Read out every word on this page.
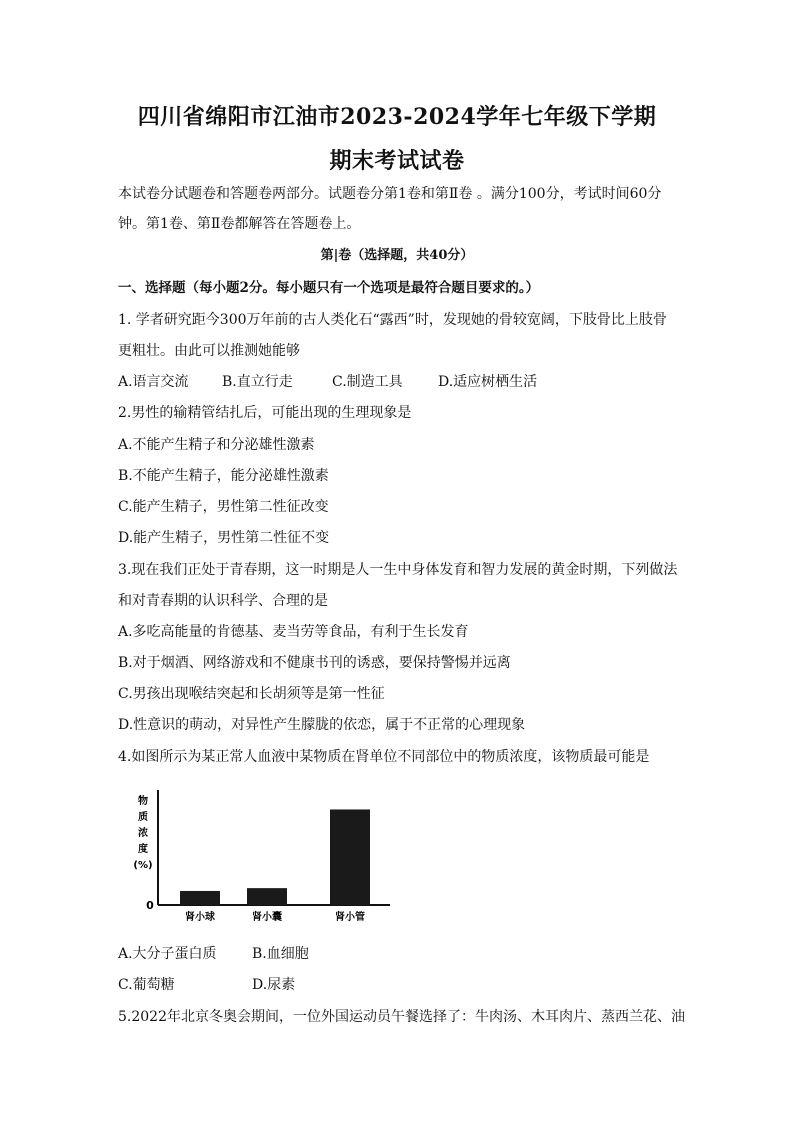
四川省绵阳市江油市2023-2024学年七年级下学期
期末考试试卷
本试卷分试题卷和答题卷两部分。试题卷分第1卷和第Ⅱ卷 。满分100分，考试时间60分
钟。第1卷、第Ⅱ卷都解答在答题卷上。
第|卷（选择题，共40分）
一、选择题（每小题2分。每小题只有一个选项是最符合题目要求的。）
1. 学者研究距今300万年前的古人类化石“露西”时，发现她的骨较宽阔，下肢骨比上肢骨
更粗壮。由此可以推测她能够
A.语言交流 B.直立行走	C.制造工具	D.适应树栖生活
2.男性的输精管结扎后，可能出现的生理现象是
A.不能产生精子和分泌雄性激素
B.不能产生精子，能分泌雄性激素
C.能产生精子，男性第二性征改变
D.能产生精子，男性第二性征不变
3.现在我们正处于青春期，这一时期是人一生中身体发育和智力发展的黄金时期，下列做法
和对青春期的认识科学、合理的是
A.多吃高能量的肯德基、麦当劳等食品，有利于生长发育
B.对于烟酒、网络游戏和不健康书刊的诱惑，要保持警惕并远离
C.男孩出现喉结突起和长胡须等是第一性征
D.性意识的萌动，对异性产生朦胧的依恋，属于不正常的心理现象
4.如图所示为某正常人血液中某物质在肾单位不同部位中的物质浓度，该物质最可能是
物
质
浓
度
(%)
0
肾小球	肾小囊	肾小管
A.大分子蛋白质	B.血细胞
C.葡萄糖	D.尿素
5.2022年北京冬奥会期间，一位外国运动员午餐选择了：牛肉汤、木耳肉片、蒸西兰花、油
